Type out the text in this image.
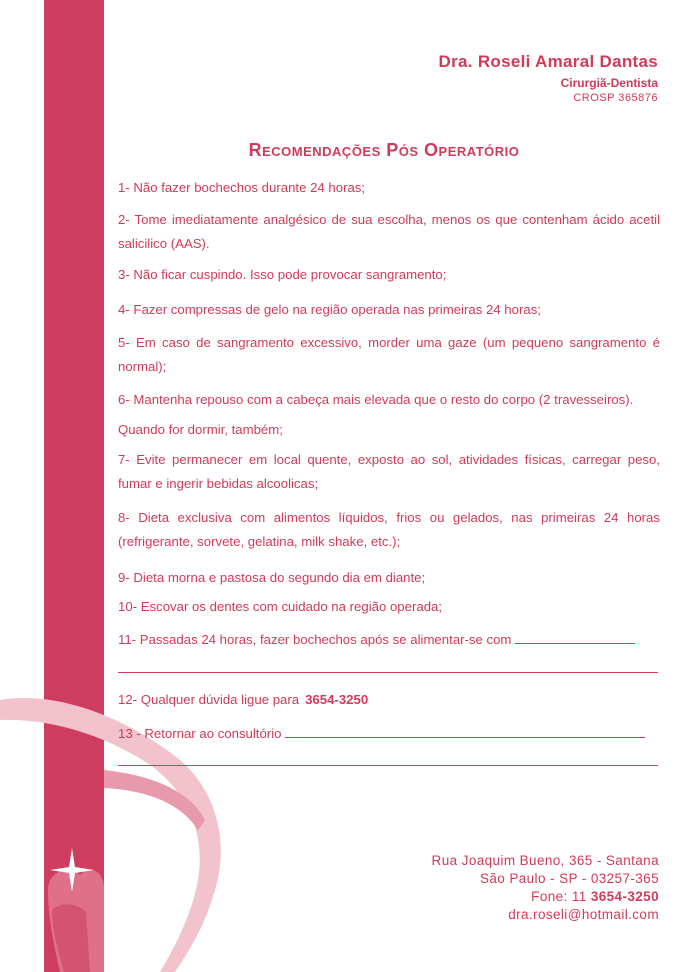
Dra. Roseli Amaral Dantas
Cirurgiã-Dentista
CROSP 365876
Recomendações Pós Operatório
1- Não fazer bochechos durante 24 horas;
2- Tome imediatamente analgésico de sua escolha, menos os que contenham ácido acetil salicilico (AAS).
3- Não ficar cuspindo. Isso pode provocar sangramento;
4- Fazer compressas de gelo na região operada nas primeiras 24 horas;
5- Em caso de sangramento excessivo, morder uma gaze (um pequeno sangramento é normal);
6- Mantenha repouso com a cabeça mais elevada que o resto do corpo (2 travesseiros).
Quando for dormir, também;
7- Evite permanecer em local quente, exposto ao sol, atividades físicas, carregar peso, fumar e ingerir bebidas alcoolicas;
8- Dieta exclusiva com alimentos líquidos, frios ou gelados, nas primeiras 24 horas (refrigerante, sorvete, gelatina, milk shake, etc.);
9- Dieta morna e pastosa do segundo dia em diante;
10- Escovar os dentes com cuidado na região operada;
11- Passadas 24 horas, fazer bochechos após se alimentar-se com
12- Qualquer dúvida ligue para 3654-3250
13 - Retornar ao consultório
Rua Joaquim Bueno, 365 - Santana
São Paulo - SP - 03257-365
Fone: 11 3654-3250
dra.roseli@hotmail.com
